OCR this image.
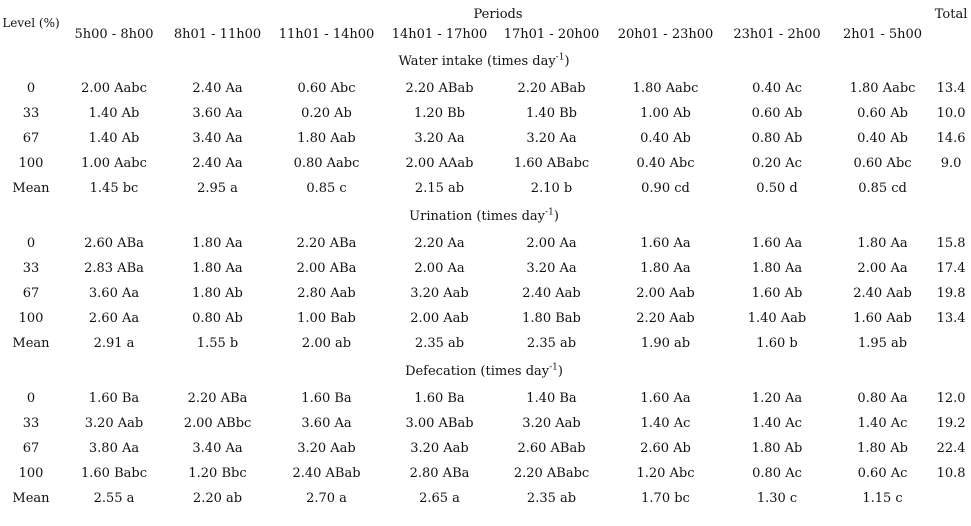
Level (%)	Periods								Total
	5h00 - 8h00	8h01 - 11h00	11h01 - 14h00	14h01 - 17h00	17h01 - 20h00	20h01 - 23h00	23h01 - 2h00	2h01 - 5h00	
Water intake (times day$^{-1}$)									
0	2.00 Aabc	2.40 Aa	0.60 Abc	2.20 ABab	2.20 ABab	1.80 Aabc	0.40 Ac	1.80 Aabc	13.4
33	1.40 Ab	3.60 Aa	0.20 Ab	1.20 Bb	1.40 Bb	1.00 Ab	0.60 Ab	0.60 Ab	10.0
67	1.40 Ab	3.40 Aa	1.80 Aab	3.20 Aa	3.20 Aa	0.40 Ab	0.80 Ab	0.40 Ab	14.6
100	1.00 Aabc	2.40 Aa	0.80 Aabc	2.00 AAab	1.60 ABabc	0.40 Abc	0.20 Ac	0.60 Abc	9.0
Mean	1.45 bc	2.95 a	0.85 c	2.15 ab	2.10 b	0.90 cd	0.50 d	0.85 cd	
Urination (times day$^{-1}$)									
0	2.60 ABa	1.80 Aa	2.20 ABa	2.20 Aa	2.00 Aa	1.60 Aa	1.60 Aa	1.80 Aa	15.8
33	2.83 ABa	1.80 Aa	2.00 ABa	2.00 Aa	3.20 Aa	1.80 Aa	1.80 Aa	2.00 Aa	17.4
67	3.60 Aa	1.80 Ab	2.80 Aab	3.20 Aab	2.40 Aab	2.00 Aab	1.60 Ab	2.40 Aab	19.8
100	2.60 Aa	0.80 Ab	1.00 Bab	2.00 Aab	1.80 Bab	2.20 Aab	1.40 Aab	1.60 Aab	13.4
Mean	2.91 a	1.55 b	2.00 ab	2.35 ab	2.35 ab	1.90 ab	1.60 b	1.95 ab	
Defecation (times day$^{-1}$)									
0	1.60 Ba	2.20 ABa	1.60 Ba	1.60 Ba	1.40 Ba	1.60 Aa	1.20 Aa	0.80 Aa	12.0
33	3.20 Aab	2.00 ABbc	3.60 Aa	3.00 ABab	3.20 Aab	1.40 Ac	1.40 Ac	1.40 Ac	19.2
67	3.80 Aa	3.40 Aa	3.20 Aab	3.20 Aab	2.60 ABab	2.60 Ab	1.80 Ab	1.80 Ab	22.4
100	1.60 Babc	1.20 Bbc	2.40 ABab	2.80 ABa	2.20 ABabc	1.20 Abc	0.80 Ac	0.60 Ac	10.8
Mean	2.55 a	2.20 ab	2.70 a	2.65 a	2.35 ab	1.70 bc	1.30 c	1.15 c	
